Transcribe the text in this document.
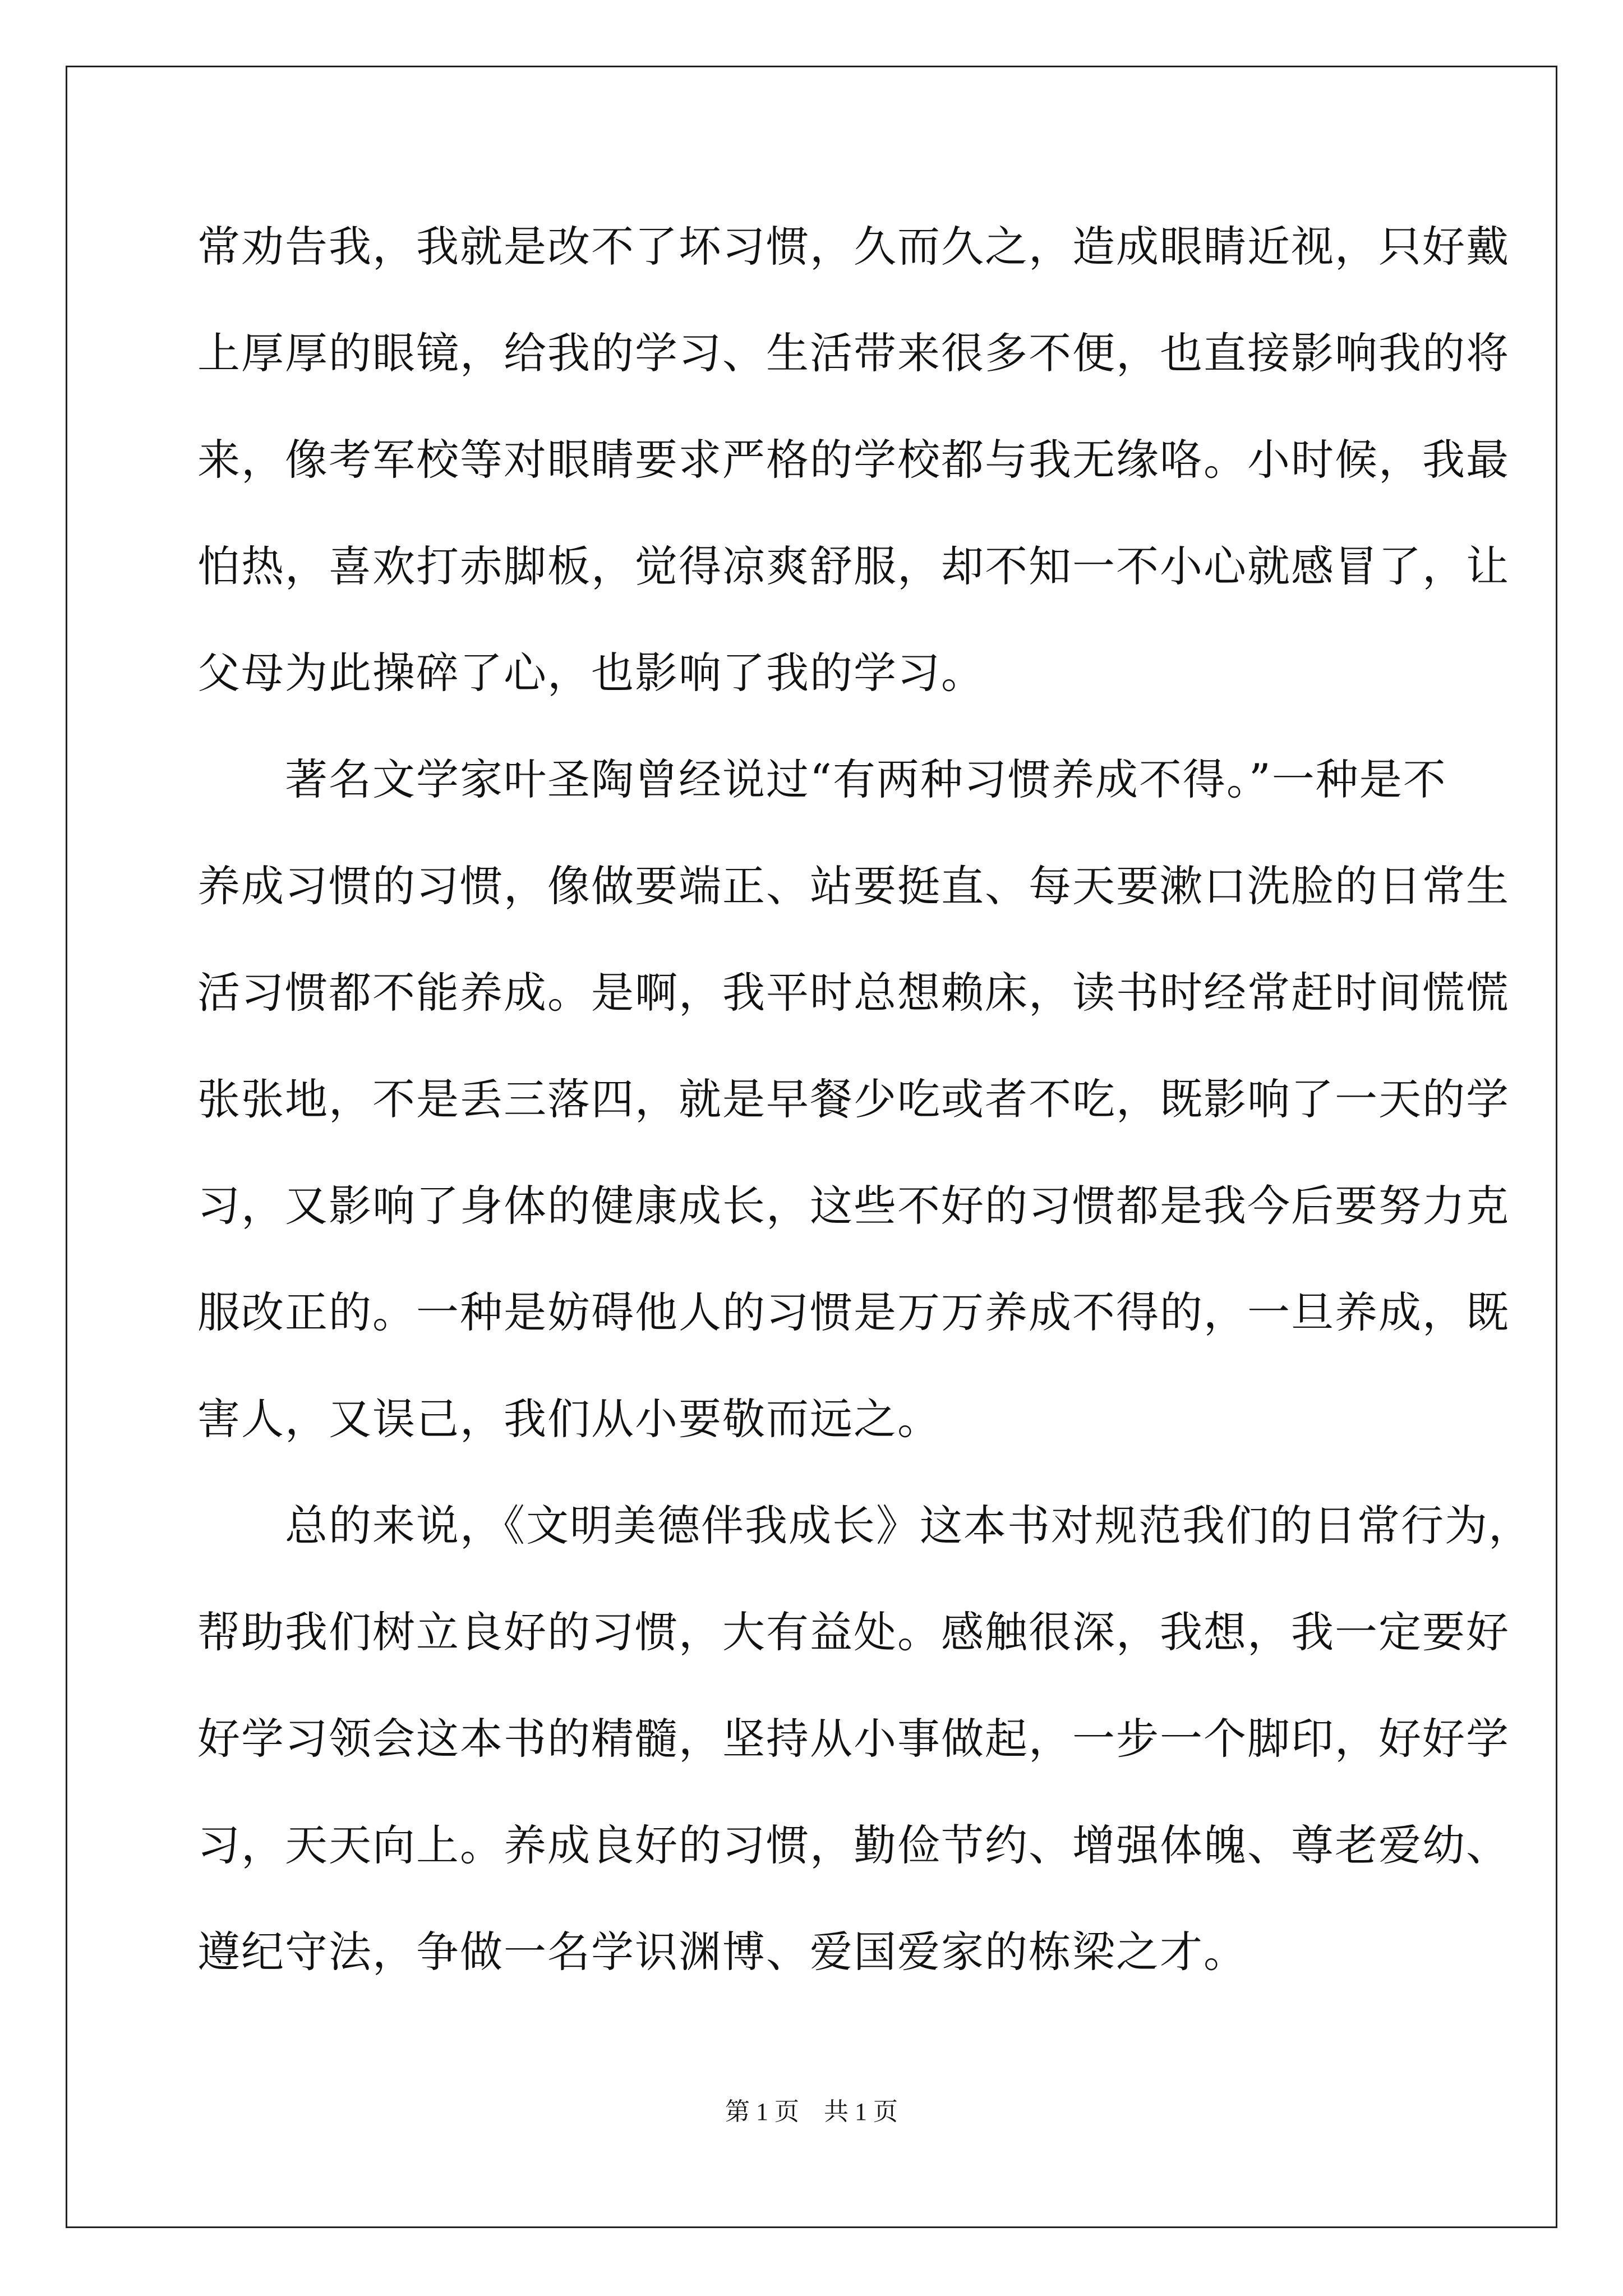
常劝告我，我就是改不了坏习惯，久而久之，造成眼睛近视，只好戴
上厚厚的眼镜，给我的学习、生活带来很多不便，也直接影响我的将
来，像考军校等对眼睛要求严格的学校都与我无缘咯。小时候，我最
怕热，喜欢打赤脚板，觉得凉爽舒服，却不知一不小心就感冒了，让
父母为此操碎了心，也影响了我的学习。
　　著名文学家叶圣陶曾经说过“有两种习惯养成不得。”一种是不
养成习惯的习惯，像做要端正、站要挺直、每天要漱口洗脸的日常生
活习惯都不能养成。是啊，我平时总想赖床，读书时经常赶时间慌慌
张张地，不是丢三落四，就是早餐少吃或者不吃，既影响了一天的学
习，又影响了身体的健康成长，这些不好的习惯都是我今后要努力克
服改正的。一种是妨碍他人的习惯是万万养成不得的，一旦养成，既
害人，又误己，我们从小要敬而远之。
　　总的来说，《文明美德伴我成长》这本书对规范我们的日常行为，
帮助我们树立良好的习惯，大有益处。感触很深，我想，我一定要好
好学习领会这本书的精髓，坚持从小事做起，一步一个脚印，好好学
习，天天向上。养成良好的习惯，勤俭节约、增强体魄、尊老爱幼、
遵纪守法，争做一名学识渊博、爱国爱家的栋梁之才。
第 1 页　共 1 页
